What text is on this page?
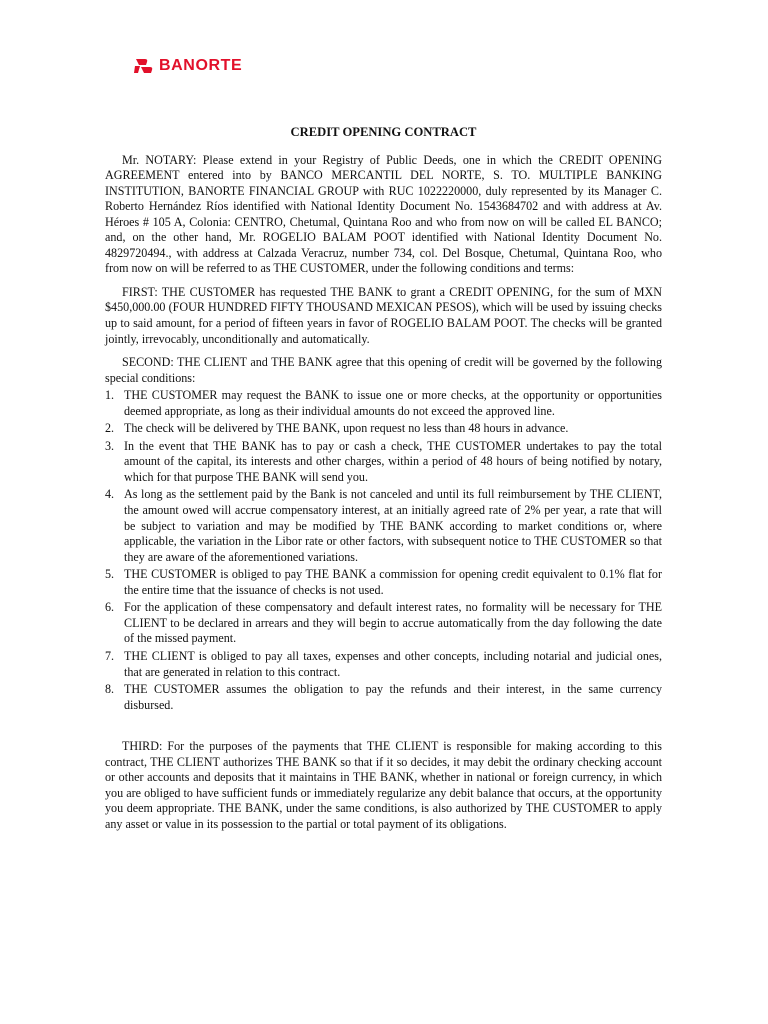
BANORTE
CREDIT OPENING CONTRACT

Mr. NOTARY: Please extend in your Registry of Public Deeds, one in which the CREDIT OPENING AGREEMENT entered into by BANCO MERCANTIL DEL NORTE, S. TO. MULTIPLE BANKING INSTITUTION, BANORTE FINANCIAL GROUP with RUC 1022220000, duly represented by its Manager C. Roberto Hernández Ríos identified with National Identity Document No. 1543684702 and with address at Av. Héroes # 105 A, Colonia: CENTRO, Chetumal, Quintana Roo and who from now on will be called EL BANCO; and, on the other hand, Mr. ROGELIO BALAM POOT identified with National Identity Document No. 4829720494., with address at Calzada Veracruz, number 734, col. Del Bosque, Chetumal, Quintana Roo, who from now on will be referred to as THE CUSTOMER, under the following conditions and terms:

FIRST: THE CUSTOMER has requested THE BANK to grant a CREDIT OPENING, for the sum of MXN $450,000.00 (FOUR HUNDRED FIFTY THOUSAND MEXICAN PESOS), which will be used by issuing checks up to said amount, for a period of fifteen years in favor of ROGELIO BALAM POOT. The checks will be granted jointly, irrevocably, unconditionally and automatically.

SECOND: THE CLIENT and THE BANK agree that this opening of credit will be governed by the following special conditions:

1. THE CUSTOMER may request the BANK to issue one or more checks, at the opportunity or opportunities deemed appropriate, as long as their individual amounts do not exceed the approved line.
2. The check will be delivered by THE BANK, upon request no less than 48 hours in advance.
3. In the event that THE BANK has to pay or cash a check, THE CUSTOMER undertakes to pay the total amount of the capital, its interests and other charges, within a period of 48 hours of being notified by notary, which for that purpose THE BANK will send you.
4. As long as the settlement paid by the Bank is not canceled and until its full reimbursement by THE CLIENT, the amount owed will accrue compensatory interest, at an initially agreed rate of 2% per year, a rate that will be subject to variation and may be modified by THE BANK according to market conditions or, where applicable, the variation in the Libor rate or other factors, with subsequent notice to THE CUSTOMER so that they are aware of the aforementioned variations.
5. THE CUSTOMER is obliged to pay THE BANK a commission for opening credit equivalent to 0.1% flat for the entire time that the issuance of checks is not used.
6. For the application of these compensatory and default interest rates, no formality will be necessary for THE CLIENT to be declared in arrears and they will begin to accrue automatically from the day following the date of the missed payment.
7. THE CLIENT is obliged to pay all taxes, expenses and other concepts, including notarial and judicial ones, that are generated in relation to this contract.
8. THE CUSTOMER assumes the obligation to pay the refunds and their interest, in the same currency disbursed.

THIRD: For the purposes of the payments that THE CLIENT is responsible for making according to this contract, THE CLIENT authorizes THE BANK so that if it so decides, it may debit the ordinary checking account or other accounts and deposits that it maintains in THE BANK, whether in national or foreign currency, in which you are obliged to have sufficient funds or immediately regularize any debit balance that occurs, at the opportunity you deem appropriate. THE BANK, under the same conditions, is also authorized by THE CUSTOMER to apply any asset or value in its possession to the partial or total payment of its obligations.
